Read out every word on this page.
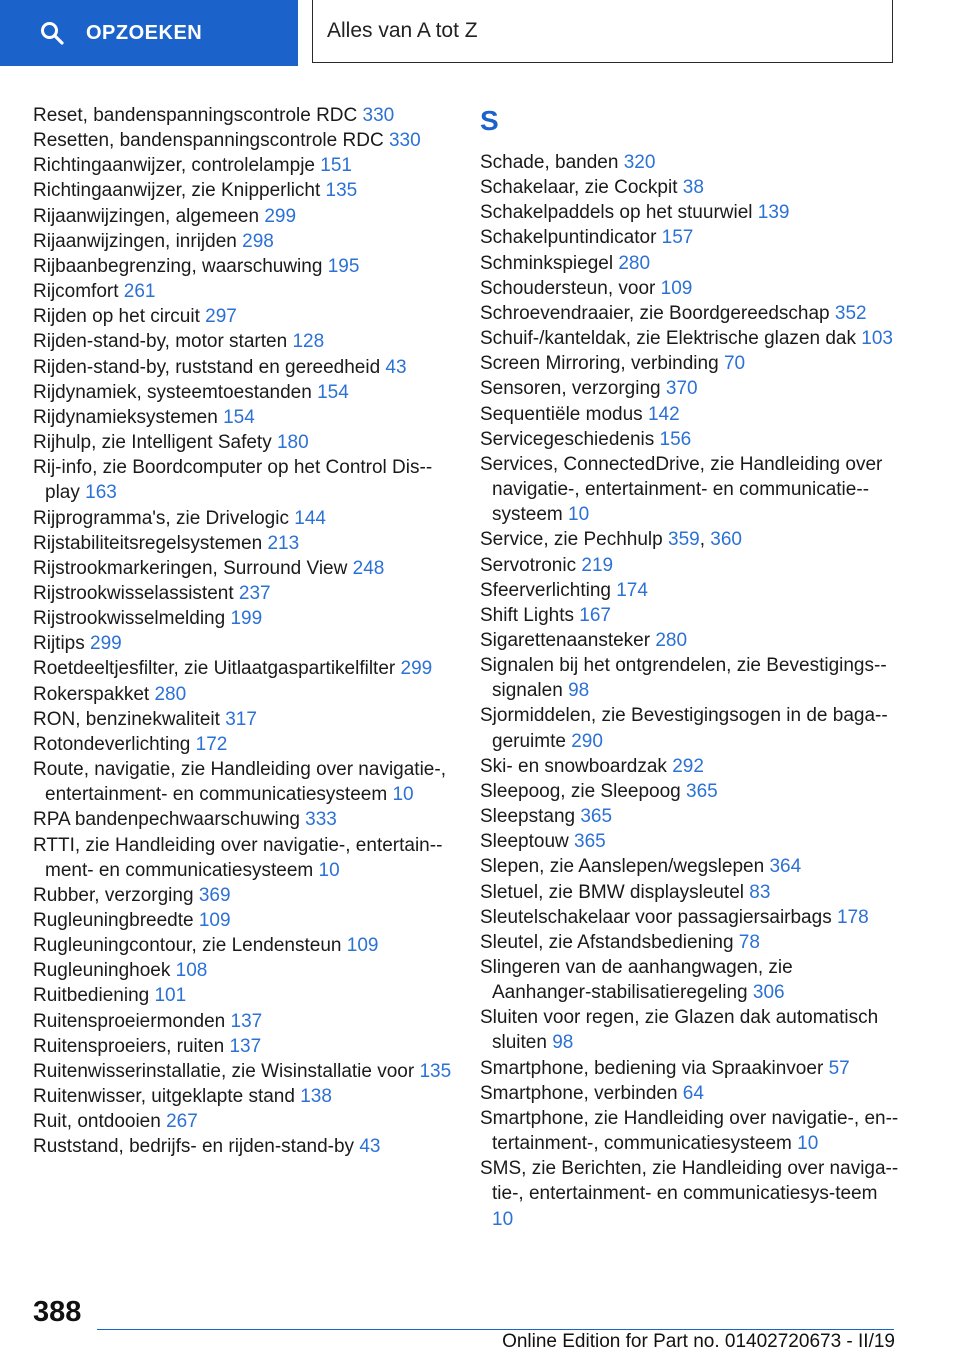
OPZOEKEN	Alles van A tot Z
Reset, bandenspanningscontrole RDC 330
Resetten, bandenspanningscontrole RDC 330
Richtingaanwijzer, controlelampje 151
Richtingaanwijzer, zie Knipperlicht 135
Rijaanwijzingen, algemeen 299
Rijaanwijzingen, inrijden 298
Rijbaanbegrenzing, waarschuwing 195
Rijcomfort 261
Rijden op het circuit 297
Rijden-stand-by, motor starten 128
Rijden-stand-by, ruststand en gereedheid 43
Rijdynamiek, systeemtoestanden 154
Rijdynamieksystemen 154
Rijhulp, zie Intelligent Safety 180
Rij-info, zie Boordcomputer op het Control Dis-play 163
Rijprogramma's, zie Drivelogic 144
Rijstabiliteitsregelsystemen 213
Rijstrookmarkeringen, Surround View 248
Rijstrookwisselassistent 237
Rijstrookwisselmelding 199
Rijtips 299
Roetdeeltjesfilter, zie Uitlaatgaspartikelfilter 299
Rokerspakket 280
RON, benzinekwaliteit 317
Rotondeverlichting 172
Route, navigatie, zie Handleiding over navigatie-, entertainment- en communicatiesysteem 10
RPA bandenpechwaarschuwing 333
RTTI, zie Handleiding over navigatie-, entertain-ment- en communicatiesysteem 10
Rubber, verzorging 369
Rugleuningbreedte 109
Rugleuningcontour, zie Lendensteun 109
Rugleuninghoek 108
Ruitbediening 101
Ruitensproeiermonden 137
Ruitensproeiers, ruiten 137
Ruitenwisserinstallatie, zie Wisinstallatie voor 135
Ruitenwisser, uitgeklapte stand 138
Ruit, ontdooien 267
Ruststand, bedrijfs- en rijden-stand-by 43
S
Schade, banden 320
Schakelaar, zie Cockpit 38
Schakelpaddels op het stuurwiel 139
Schakelpuntindicator 157
Schminkspiegel 280
Schoudersteun, voor 109
Schroevendraaier, zie Boordgereedschap 352
Schuif-/kanteldak, zie Elektrische glazen dak 103
Screen Mirroring, verbinding 70
Sensoren, verzorging 370
Sequentiële modus 142
Servicegeschiedenis 156
Services, ConnectedDrive, zie Handleiding over navigatie-, entertainment- en communicatie-systeem 10
Service, zie Pechhulp 359, 360
Servotronic 219
Sfeerverlichting 174
Shift Lights 167
Sigarettenaansteker 280
Signalen bij het ontgrendelen, zie Bevestigings-signalen 98
Sjormiddelen, zie Bevestigingsogen in de baga-geruimte 290
Ski- en snowboardzak 292
Sleepoog, zie Sleepoog 365
Sleepstang 365
Sleeptouw 365
Slepen, zie Aanslepen/wegslepen 364
Sletuel, zie BMW displaysleutel 83
Sleutelschakelaar voor passagiersairbags 178
Sleutel, zie Afstandsbediening 78
Slingeren van de aanhangwagen, zie Aanhanger-stabilisatieregeling 306
Sluiten voor regen, zie Glazen dak automatisch sluiten 98
Smartphone, bediening via Spraakinvoer 57
Smartphone, verbinden 64
Smartphone, zie Handleiding over navigatie-, en-tertainment-, communicatiesysteem 10
SMS, zie Berichten, zie Handleiding over naviga-tie-, entertainment- en communicatiesys-teem 10
388
Online Edition for Part no. 01402720673 - II/19
